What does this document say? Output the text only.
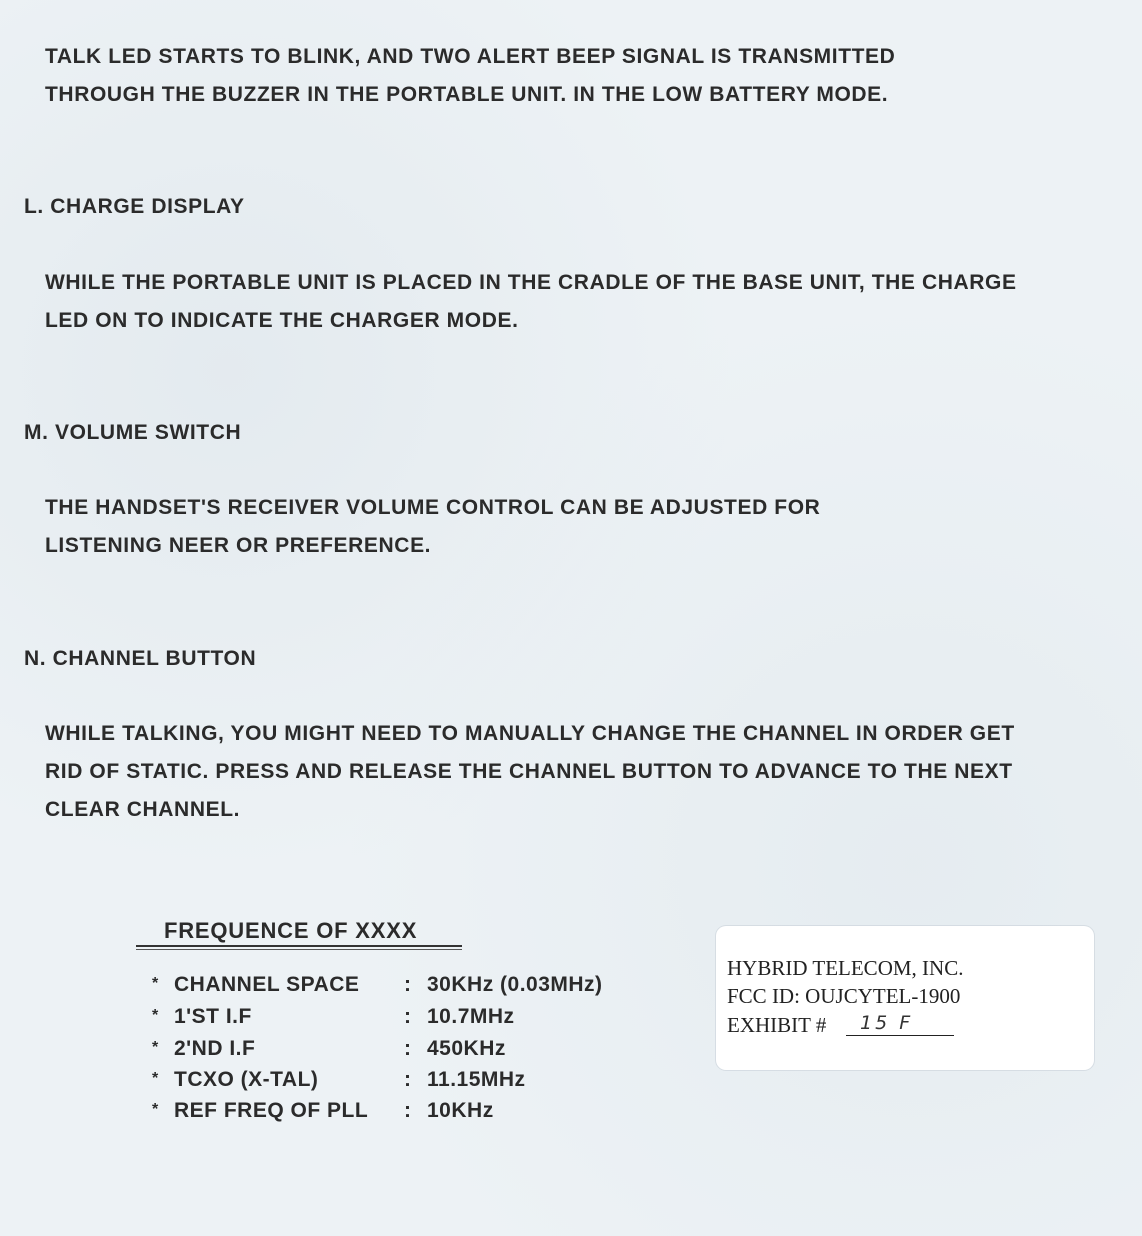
TALK LED STARTS TO BLINK, AND TWO ALERT BEEP SIGNAL IS TRANSMITTED
THROUGH THE BUZZER IN THE PORTABLE UNIT. IN THE LOW BATTERY MODE.
L. CHARGE DISPLAY
WHILE THE PORTABLE UNIT IS PLACED IN THE CRADLE OF THE BASE UNIT, THE CHARGE
LED ON TO INDICATE THE CHARGER MODE.
M. VOLUME SWITCH
THE HANDSET'S RECEIVER VOLUME CONTROL CAN BE ADJUSTED FOR
LISTENING NEER OR PREFERENCE.
N. CHANNEL BUTTON
WHILE TALKING, YOU MIGHT NEED TO MANUALLY CHANGE THE CHANNEL IN ORDER GET
RID OF STATIC. PRESS AND RELEASE THE CHANNEL BUTTON TO ADVANCE TO THE NEXT
CLEAR CHANNEL.
FREQUENCE OF XXXX
* CHANNEL SPACE : 30KHz (0.03MHz)
* 1'ST I.F	: 10.7MHz
* 2'ND I.F	: 450KHz
* TCXO (X-TAL)	: 11.15MHz
* REF FREQ OF PLL : 10KHz
HYBRID TELECOM, INC.
FCC ID: OUJCYTEL-1900
EXHIBIT #	15 F
